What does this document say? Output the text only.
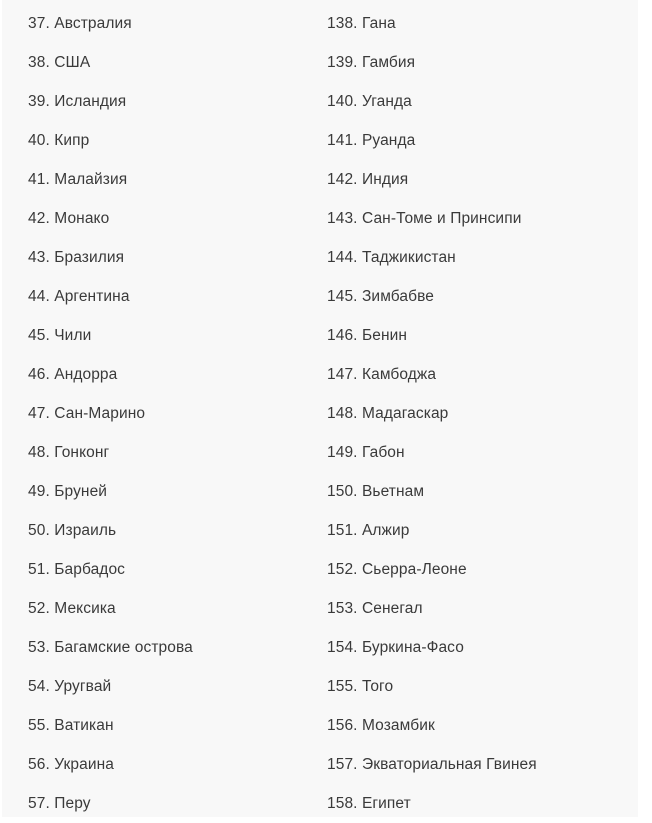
37. Австралия
38. США
39. Исландия
40. Кипр
41. Малайзия
42. Монако
43. Бразилия
44. Аргентина
45. Чили
46. Андорра
47. Сан-Марино
48. Гонконг
49. Бруней
50. Израиль
51. Барбадос
52. Мексика
53. Багамские острова
54. Уругвай
55. Ватикан
56. Украина
57. Перу
138. Гана
139. Гамбия
140. Уганда
141. Руанда
142. Индия
143. Сан-Томе и Принсипи
144. Таджикистан
145. Зимбабве
146. Бенин
147. Камбоджа
148. Мадагаскар
149. Габон
150. Вьетнам
151. Алжир
152. Сьерра-Леоне
153. Сенегал
154. Буркина-Фасо
155. Того
156. Мозамбик
157. Экваториальная Гвинея
158. Египет
